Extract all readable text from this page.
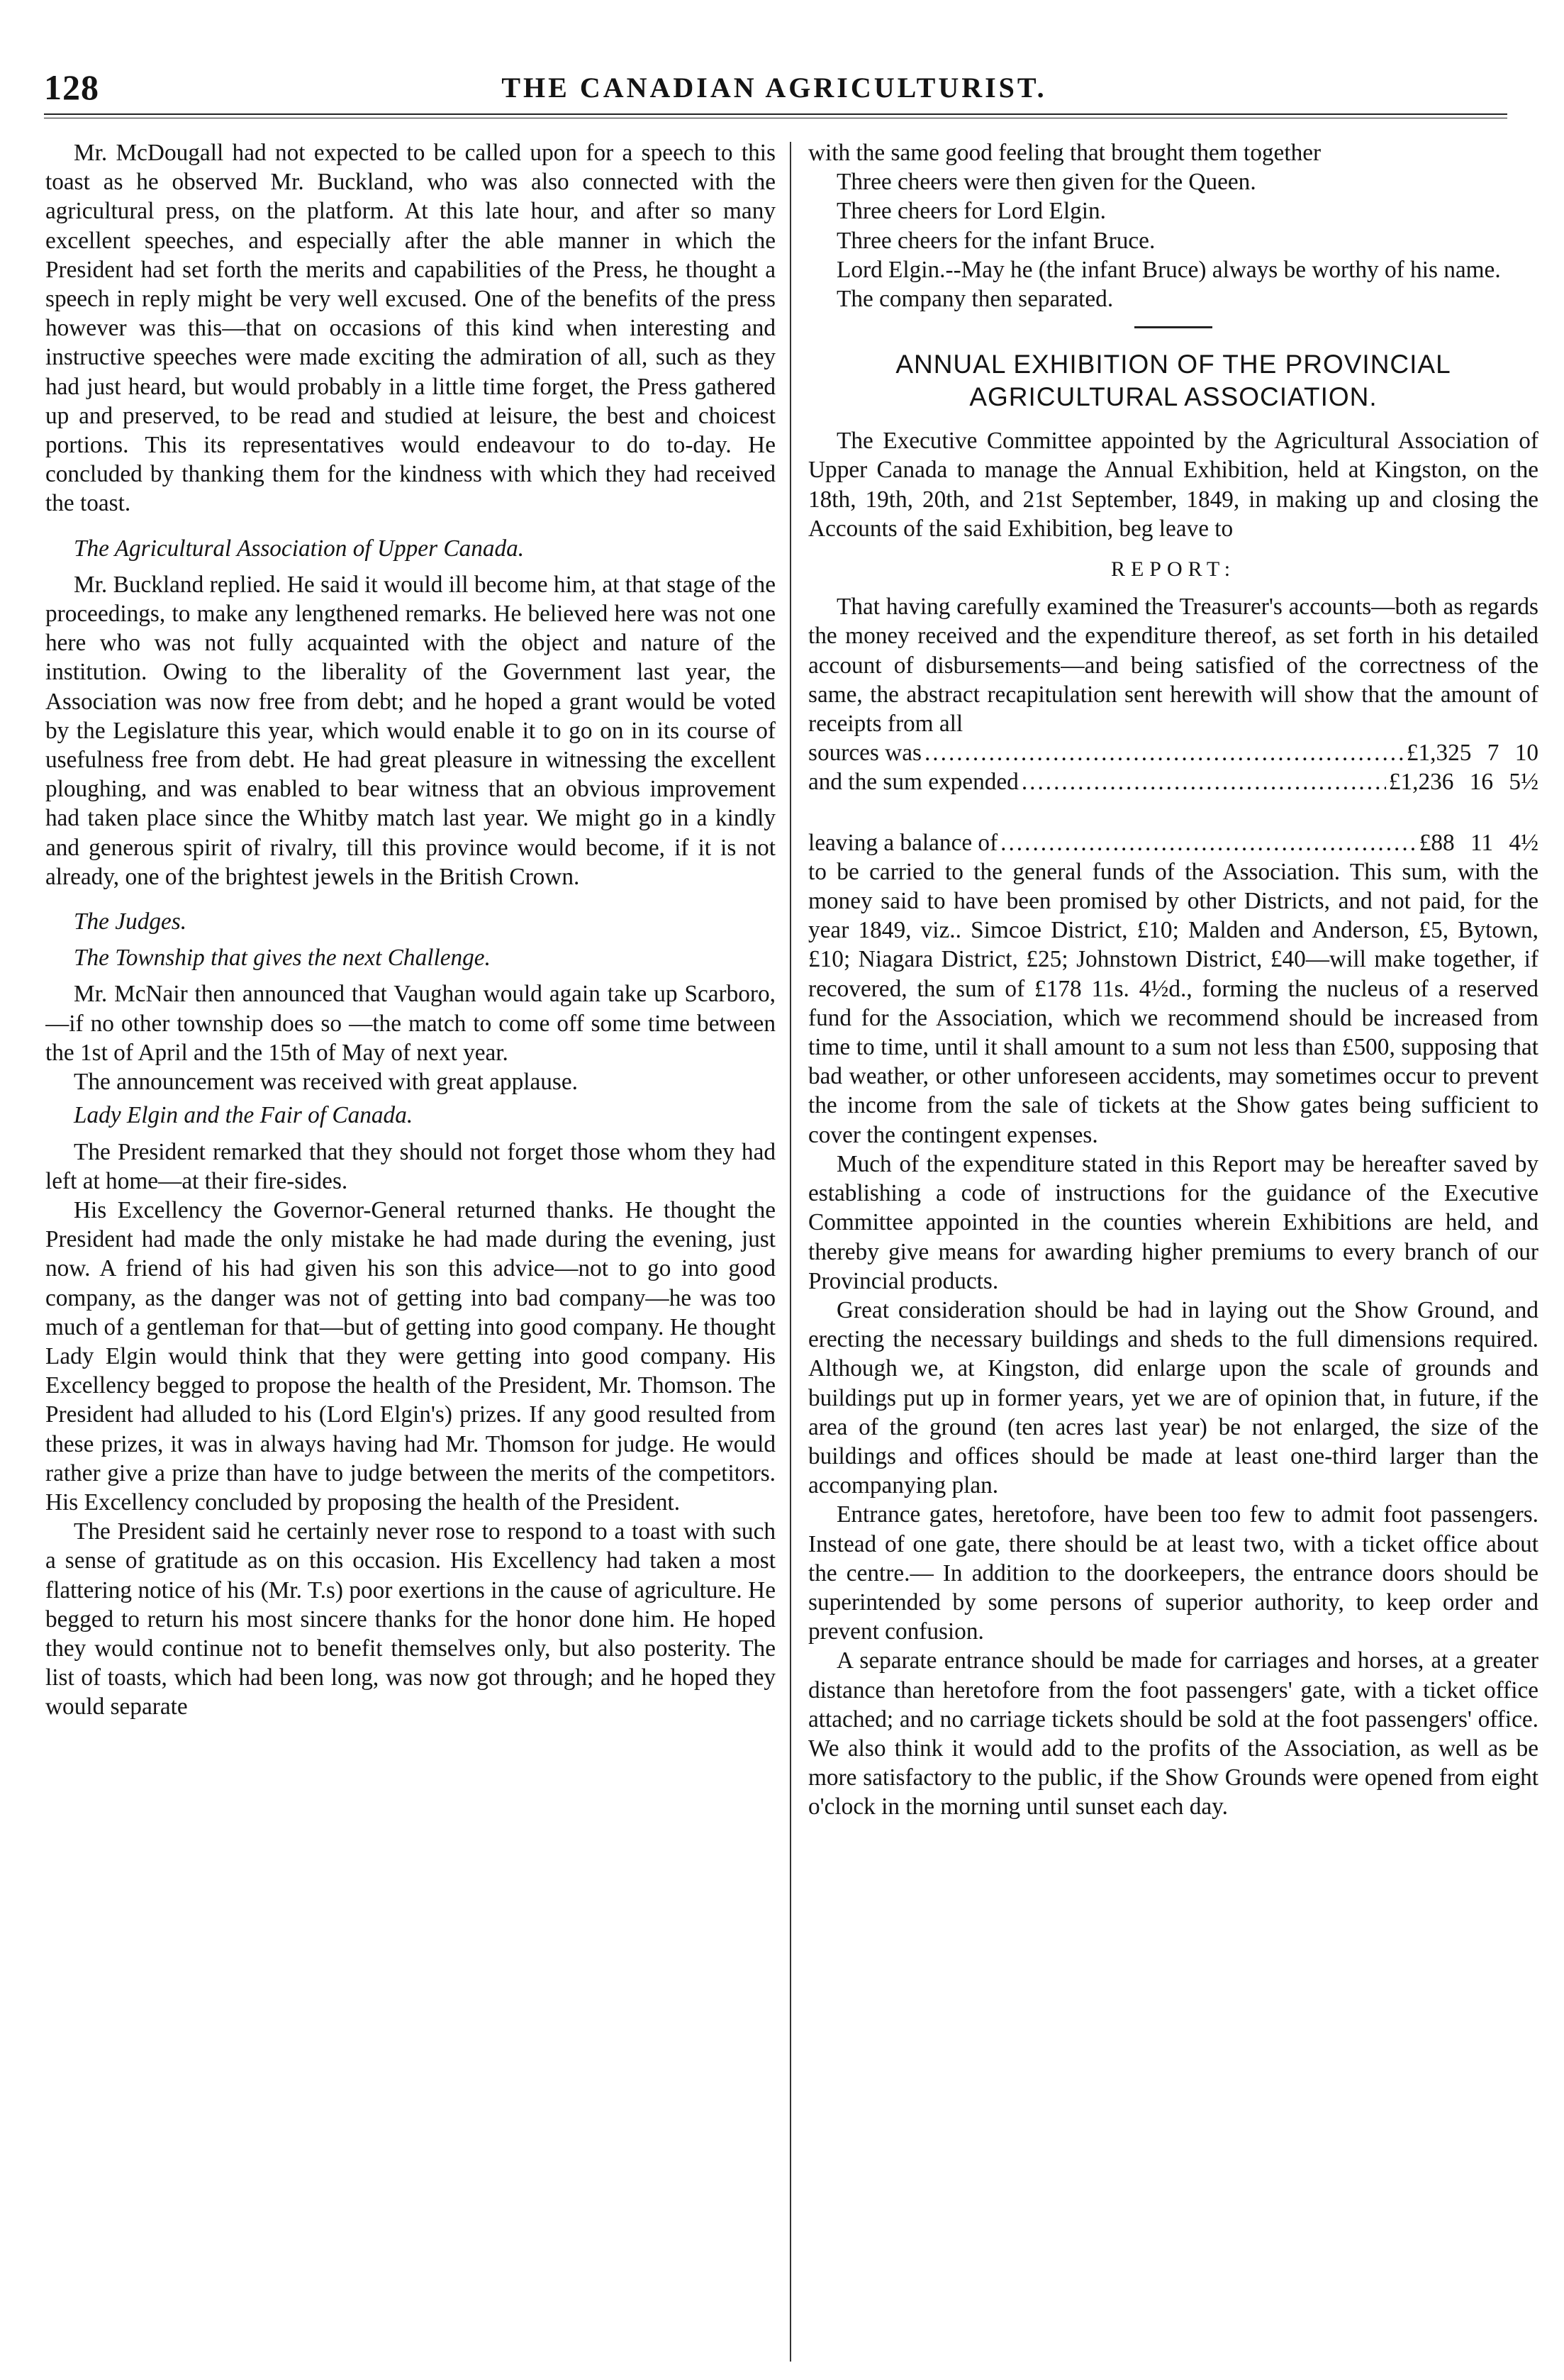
128	THE CANADIAN AGRICULTURIST.

Mr. McDougall had not expected to be called upon for a speech to this toast as he observed Mr. Buckland, who was also connected with the agricultural press, on the platform. At this late hour, and after so many excellent speeches, and especially after the able manner in which the President had set forth the merits and capabilities of the Press, he thought a speech in reply might be very well excused. One of the benefits of the press however was this—that on occasions of this kind when interesting and instructive speeches were made exciting the admiration of all, such as they had just heard, but would probably in a little time forget, the Press gathered up and preserved, to be read and studied at leisure, the best and choicest portions. This its representatives would endeavour to do to-day. He concluded by thanking them for the kindness with which they had received the toast.

The Agricultural Association of Upper Canada.

Mr. Buckland replied. He said it would ill become him, at that stage of the proceedings, to make any lengthened remarks. He believed here was not one here who was not fully acquainted with the object and nature of the institution. Owing to the liberality of the Government last year, the Association was now free from debt; and he hoped a grant would be voted by the Legislature this year, which would enable it to go on in its course of usefulness free from debt. He had great pleasure in witnessing the excellent ploughing, and was enabled to bear witness that an obvious improvement had taken place since the Whitby match last year. We might go in a kindly and generous spirit of rivalry, till this province would become, if it is not already, one of the brightest jewels in the British Crown.

The Judges.

The Township that gives the next Challenge.

Mr. McNair then announced that Vaughan would again take up Scarboro,—if no other township does so —the match to come off some time between the 1st of April and the 15th of May of next year.

The announcement was received with great applause.

Lady Elgin and the Fair of Canada.

The President remarked that they should not forget those whom they had left at home—at their fire-sides.

His Excellency the Governor-General returned thanks. He thought the President had made the only mistake he had made during the evening, just now. A friend of his had given his son this advice—not to go into good company, as the danger was not of getting into bad company—he was too much of a gentleman for that—but of getting into good company. He thought Lady Elgin would think that they were getting into good company. His Excellency begged to propose the health of the President, Mr. Thomson. The President had alluded to his (Lord Elgin's) prizes. If any good resulted from these prizes, it was in always having had Mr. Thomson for judge. He would rather give a prize than have to judge between the merits of the competitors. His Excellency concluded by proposing the health of the President.

The President said he certainly never rose to respond to a toast with such a sense of gratitude as on this occasion. His Excellency had taken a most flattering notice of his (Mr. T.s) poor exertions in the cause of agriculture. He begged to return his most sincere thanks for the honor done him. He hoped they would continue not to benefit themselves only, but also posterity. The list of toasts, which had been long, was now got through; and he hoped they would separate

with the same good feeling that brought them together

Three cheers were then given for the Queen.

Three cheers for Lord Elgin.

Three cheers for the infant Bruce.

Lord Elgin.--May he (the infant Bruce) always be worthy of his name.

The company then separated.

ANNUAL EXHIBITION OF THE PROVINCIAL
AGRICULTURAL ASSOCIATION.

The Executive Committee appointed by the Agricultural Association of Upper Canada to manage the Annual Exhibition, held at Kingston, on the 18th, 19th, 20th, and 21st September, 1849, in making up and closing the Accounts of the said Exhibition, beg leave to

REPORT:

That having carefully examined the Treasurer's accounts—both as regards the money received and the expenditure thereof, as set forth in his detailed account of disbursements—and being satisfied of the correctness of the same, the abstract recapitulation sent herewith will show that the amount of receipts from all

sources was .....	£1,325 7 10
and the sum expended .....	£1,236 16 5½
leaving a balance of .....	£88 11 4½

to be carried to the general funds of the Association. This sum, with the money said to have been promised by other Districts, and not paid, for the year 1849, viz.. Simcoe District, £10; Malden and Anderson, £5, Bytown, £10; Niagara District, £25; Johnstown District, £40—will make together, if recovered, the sum of £178 11s. 4½d., forming the nucleus of a reserved fund for the Association, which we recommend should be increased from time to time, until it shall amount to a sum not less than £500, supposing that bad weather, or other unforeseen accidents, may sometimes occur to prevent the income from the sale of tickets at the Show gates being sufficient to cover the contingent expenses.

Much of the expenditure stated in this Report may be hereafter saved by establishing a code of instructions for the guidance of the Executive Committee appointed in the counties wherein Exhibitions are held, and thereby give means for awarding higher premiums to every branch of our Provincial products.

Great consideration should be had in laying out the Show Ground, and erecting the necessary buildings and sheds to the full dimensions required. Although we, at Kingston, did enlarge upon the scale of grounds and buildings put up in former years, yet we are of opinion that, in future, if the area of the ground (ten acres last year) be not enlarged, the size of the buildings and offices should be made at least one-third larger than the accompanying plan.

Entrance gates, heretofore, have been too few to admit foot passengers. Instead of one gate, there should be at least two, with a ticket office about the centre.— In addition to the doorkeepers, the entrance doors should be superintended by some persons of superior authority, to keep order and prevent confusion.

A separate entrance should be made for carriages and horses, at a greater distance than heretofore from the foot passengers' gate, with a ticket office attached; and no carriage tickets should be sold at the foot passengers' office. We also think it would add to the profits of the Association, as well as be more satisfactory to the public, if the Show Grounds were opened from eight o'clock in the morning until sunset each day.
